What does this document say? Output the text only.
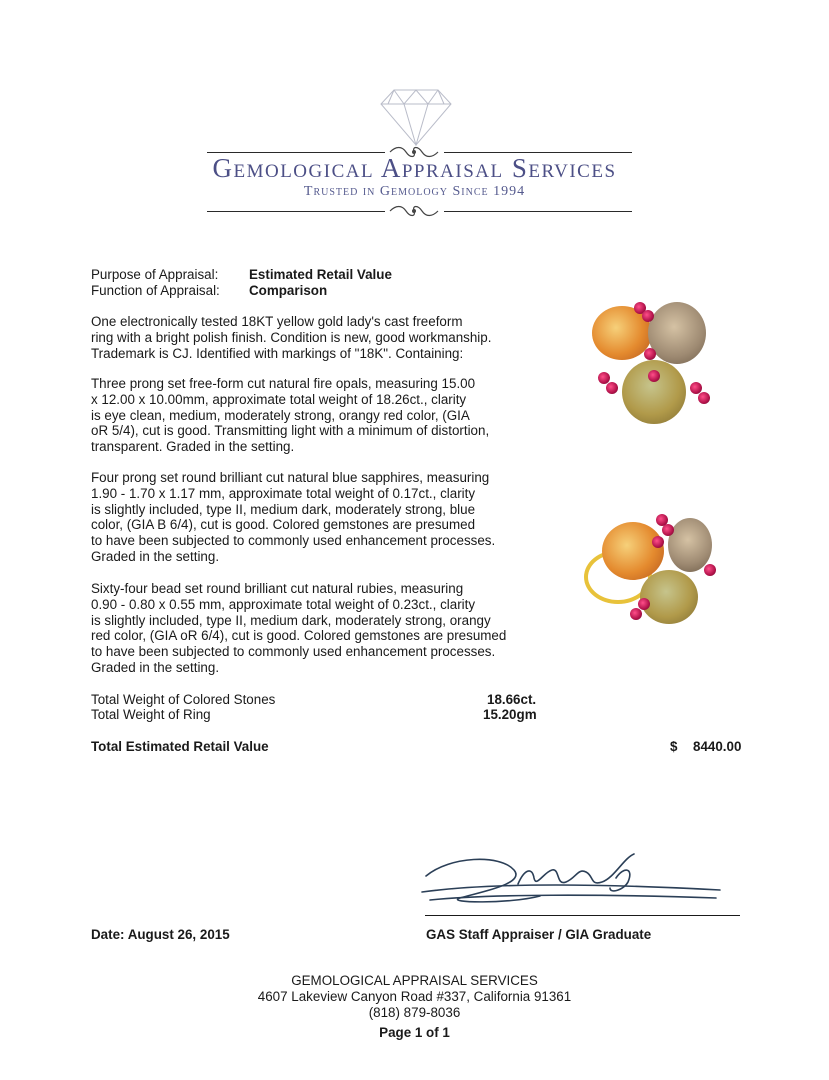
Gemological Appraisal Services
Trusted in Gemology Since 1994
Purpose of Appraisal: Estimated Retail Value
Function of Appraisal: Comparison
One electronically tested 18KT yellow gold lady's cast freeform
ring with a bright polish finish. Condition is new, good workmanship.
Trademark is CJ. Identified with markings of "18K". Containing:
Three prong set free-form cut natural fire opals, measuring 15.00
x 12.00 x 10.00mm, approximate total weight of 18.26ct., clarity
is eye clean, medium, moderately strong, orangy red color, (GIA
oR 5/4), cut is good. Transmitting light with a minimum of distortion,
transparent. Graded in the setting.
Four prong set round brilliant cut natural blue sapphires, measuring
1.90 - 1.70 x 1.17 mm, approximate total weight of 0.17ct., clarity
is slightly included, type II, medium dark, moderately strong, blue
color, (GIA B 6/4), cut is good. Colored gemstones are presumed
to have been subjected to commonly used enhancement processes.
Graded in the setting.
Sixty-four bead set round brilliant cut natural rubies, measuring
0.90 - 0.80 x 0.55 mm, approximate total weight of 0.23ct., clarity
is slightly included, type II, medium dark, moderately strong, orangy
red color, (GIA oR 6/4), cut is good. Colored gemstones are presumed
to have been subjected to commonly used enhancement processes.
Graded in the setting.
Total Weight of Colored Stones	18.66ct.
Total Weight of Ring	15.20gm
Total Estimated Retail Value	$ 8440.00
Date: August 26, 2015	GAS Staff Appraiser / GIA Graduate
GEMOLOGICAL APPRAISAL SERVICES
4607 Lakeview Canyon Road #337, California 91361
(818) 879-8036
Page 1 of 1
